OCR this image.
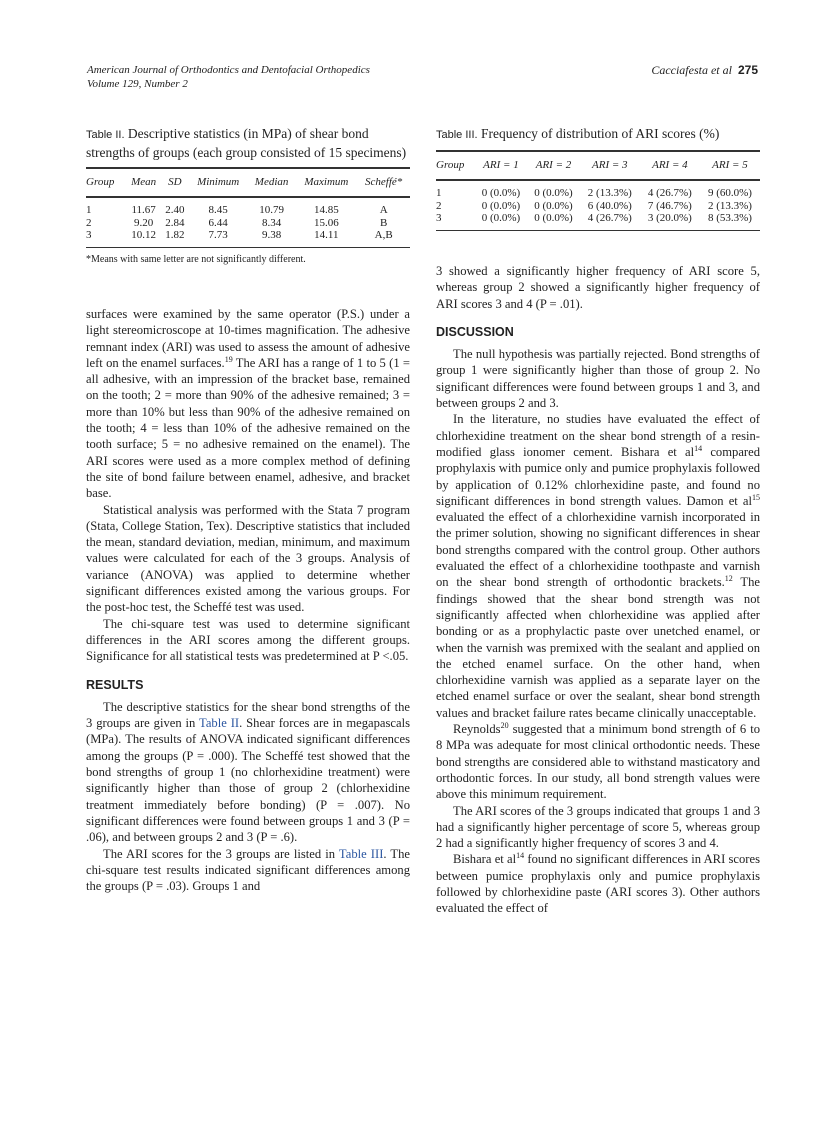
American Journal of Orthodontics and Dentofacial Orthopedics
Volume 129, Number 2
Cacciafesta et al 275
Table II. Descriptive statistics (in MPa) of shear bond strengths of groups (each group consisted of 15 specimens)
Group	Mean	SD	Minimum	Median	Maximum	Scheffé*
1	11.67	2.40	8.45	10.79	14.85	A
2	9.20	2.84	6.44	8.34	15.06	B
3	10.12	1.82	7.73	9.38	14.11	A,B
*Means with same letter are not significantly different.

surfaces were examined by the same operator (P.S.) under a light stereomicroscope at 10-times magnification. The adhesive remnant index (ARI) was used to assess the amount of adhesive left on the enamel surfaces.$^{19}$ The ARI has a range of 1 to 5 (1 = all adhesive, with an impression of the bracket base, remained on the tooth; 2 = more than 90% of the adhesive remained; 3 = more than 10% but less than 90% of the adhesive remained on the tooth; 4 = less than 10% of the adhesive remained on the tooth surface; 5 = no adhesive remained on the enamel). The ARI scores were used as a more complex method of defining the site of bond failure between enamel, adhesive, and bracket base.

Statistical analysis was performed with the Stata 7 program (Stata, College Station, Tex). Descriptive statistics that included the mean, standard deviation, median, minimum, and maximum values were calculated for each of the 3 groups. Analysis of variance (ANOVA) was applied to determine whether significant differences existed among the various groups. For the post-hoc test, the Scheffé test was used.

The chi-square test was used to determine significant differences in the ARI scores among the different groups. Significance for all statistical tests was predetermined at P <.05.

RESULTS

The descriptive statistics for the shear bond strengths of the 3 groups are given in Table II. Shear forces are in megapascals (MPa). The results of ANOVA indicated significant differences among the groups (P = .000). The Scheffé test showed that the bond strengths of group 1 (no chlorhexidine treatment) were significantly higher than those of group 2 (chlorhexidine treatment immediately before bonding) (P = .007). No significant differences were found between groups 1 and 3 (P = .06), and between groups 2 and 3 (P = .6).

The ARI scores for the 3 groups are listed in Table III. The chi-square test results indicated significant differences among the groups (P = .03). Groups 1 and

Table III. Frequency of distribution of ARI scores (%)
Group	ARI = 1	ARI = 2	ARI = 3	ARI = 4	ARI = 5
1	0 (0.0%)	0 (0.0%)	2 (13.3%)	4 (26.7%)	9 (60.0%)
2	0 (0.0%)	0 (0.0%)	6 (40.0%)	7 (46.7%)	2 (13.3%)
3	0 (0.0%)	0 (0.0%)	4 (26.7%)	3 (20.0%)	8 (53.3%)

3 showed a significantly higher frequency of ARI score 5, whereas group 2 showed a significantly higher frequency of ARI scores 3 and 4 (P = .01).

DISCUSSION

The null hypothesis was partially rejected. Bond strengths of group 1 were significantly higher than those of group 2. No significant differences were found between groups 1 and 3, and between groups 2 and 3.

In the literature, no studies have evaluated the effect of chlorhexidine treatment on the shear bond strength of a resin-modified glass ionomer cement. Bishara et $al^{14}$ compared prophylaxis with pumice only and pumice prophylaxis followed by application of 0.12% chlorhexidine paste, and found no significant differences in bond strength values. Damon et $al^{15}$ evaluated the effect of a chlorhexidine varnish incorporated in the primer solution, showing no significant differences in shear bond strengths compared with the control group. Other authors evaluated the effect of a chlorhexidine toothpaste and varnish on the shear bond strength of orthodontic brackets.$^{12}$ The findings showed that the shear bond strength was not significantly affected when chlorhexidine was applied after bonding or as a prophylactic paste over unetched enamel, or when the varnish was premixed with the sealant and applied on the etched enamel surface. On the other hand, when chlorhexidine varnish was applied as a separate layer on the etched enamel surface or over the sealant, shear bond strength values and bracket failure rates became clinically unacceptable.

Reynolds$^{20}$ suggested that a minimum bond strength of 6 to 8 MPa was adequate for most clinical orthodontic needs. These bond strengths are considered able to withstand masticatory and orthodontic forces. In our study, all bond strength values were above this minimum requirement.

The ARI scores of the 3 groups indicated that groups 1 and 3 had a significantly higher percentage of score 5, whereas group 2 had a significantly higher frequency of scores 3 and 4.

Bishara et $al^{14}$ found no significant differences in ARI scores between pumice prophylaxis only and pumice prophylaxis followed by chlorhexidine paste (ARI scores 3). Other authors evaluated the effect of
